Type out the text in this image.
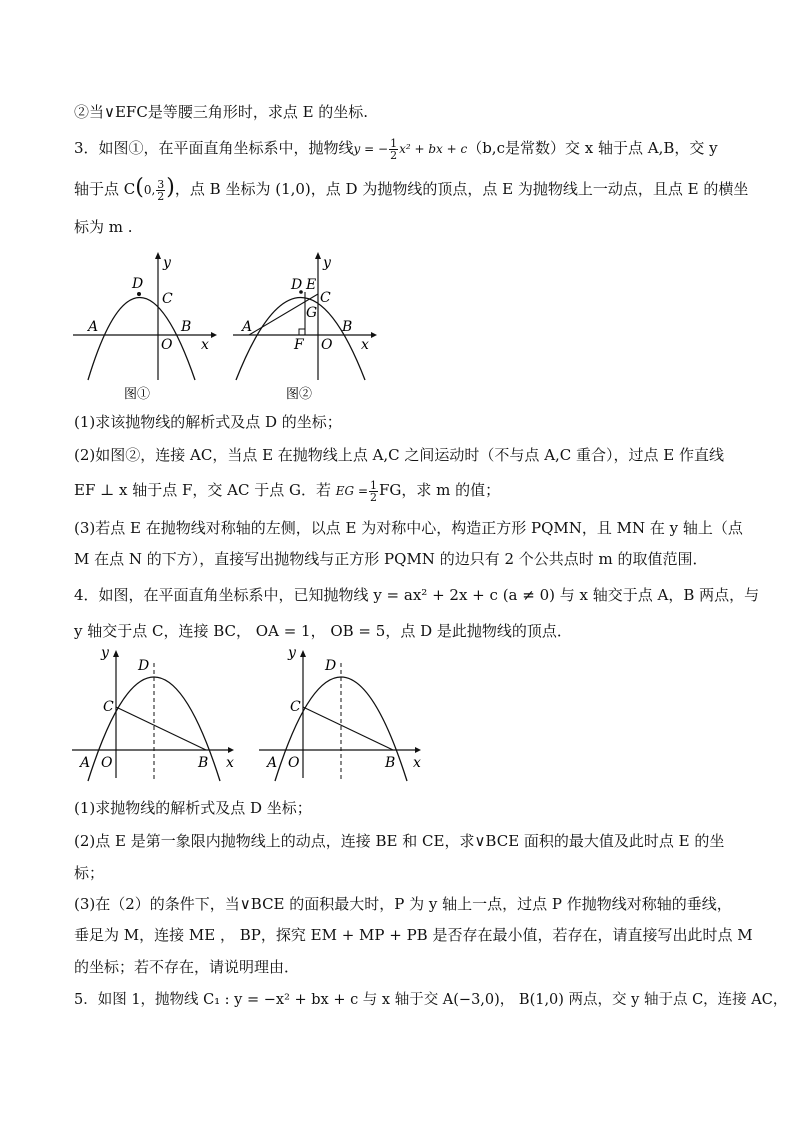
②当∨EFC是等腰三角形时，求点 E 的坐标.
3．如图①，在平面直角坐标系中，抛物线y = − $\frac{1}{2} x^2$ + bx + c（b,c是常数）交 x 轴于点 A,B，交 y
轴于点 C(0, $\frac{3}{2}$ )，点 B 坐标为 (1,0)，点 D 为抛物线的顶点，点 E 为抛物线上一动点，且点 E 的横坐
标为 m .
y
x
D
C
A	B
O
图①
y
x
D E
C
G
A	B
F O
图②
(1)求该抛物线的解析式及点 D 的坐标；
(2)如图②，连接 AC，当点 E 在抛物线上点 A,C 之间运动时（不与点 A,C 重合），过点 E 作直线
EF ⊥ x 轴于点 F，交 AC 于点 G．若 EG = $\frac{1}{2}$ FG，求 m 的值；
(3)若点 E 在抛物线对称轴的左侧，以点 E 为对称中心，构造正方形 PQMN，且 MN 在 y 轴上（点
M 在点 N 的下方），直接写出抛物线与正方形 PQMN 的边只有 2 个公共点时 m 的取值范围．
4．如图，在平面直角坐标系中，已知抛物线 y = ax² + 2x + c (a ≠ 0) 与 x 轴交于点 A，B 两点，与
y 轴交于点 C，连接 BC， OA = 1， OB = 5，点 D 是此抛物线的顶点．
y
x
D
C
A O	B
y
x
D
C
A O	B
(1)求抛物线的解析式及点 D 坐标；
(2)点 E 是第一象限内抛物线上的动点，连接 BE 和 CE，求∨BCE 面积的最大值及此时点 E 的坐
标；
(3)在（2）的条件下，当∨BCE 的面积最大时，P 为 y 轴上一点，过点 P 作抛物线对称轴的垂线，
垂足为 M，连接 ME ， BP，探究 EM + MP + PB 是否存在最小值，若存在，请直接写出此时点 M
的坐标；若不存在，请说明理由．
5．如图 1，抛物线 C₁ : y = −x² + bx + c 与 x 轴于交 A(−3,0)， B(1,0) 两点，交 y 轴于点 C，连接 AC，
